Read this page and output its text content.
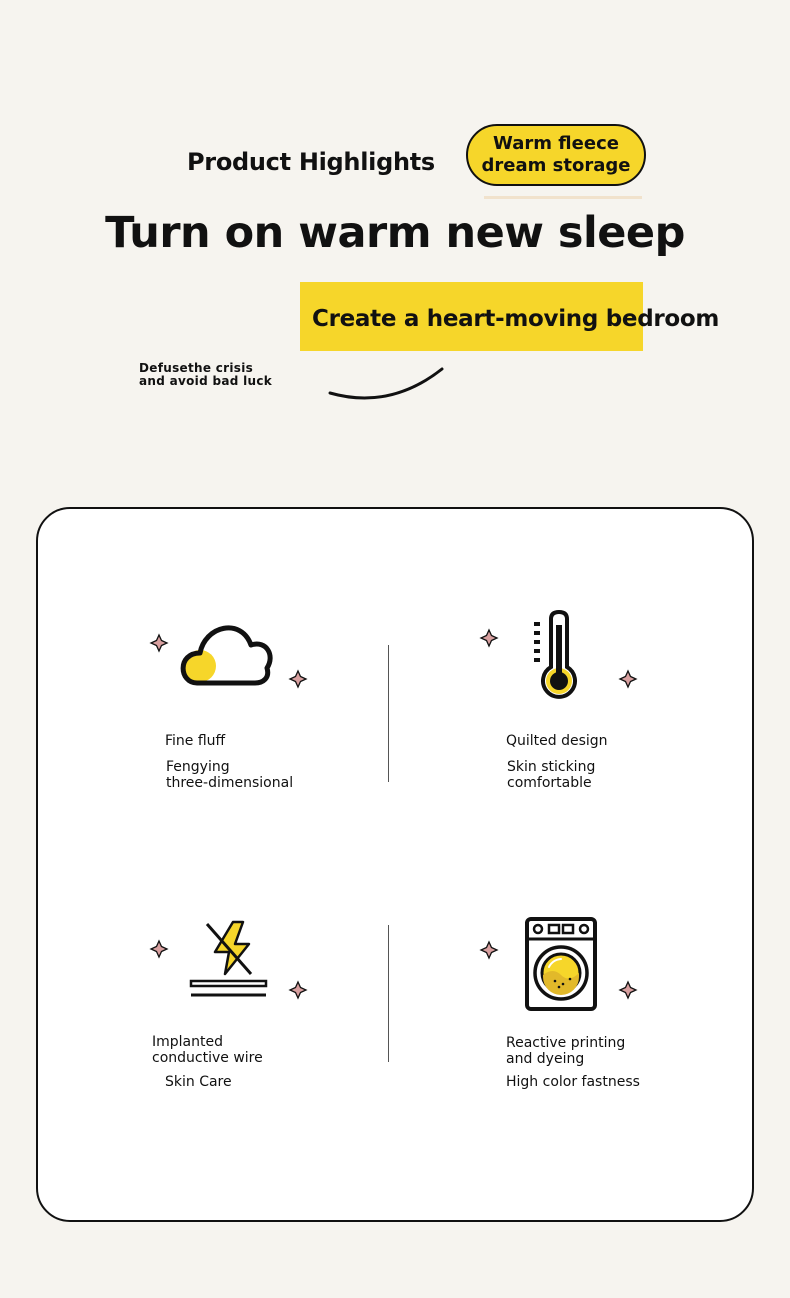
Product Highlights
Warm fleece
dream storage
Turn on warm new sleep
Create a heart-moving bedroom
Defusethe crisis
and avoid bad luck
Fine fluff
Fengying
three-dimensional
Quilted design
Skin sticking
comfortable
Implanted
conductive wire
Skin Care
Reactive printing
and dyeing
High color fastness
